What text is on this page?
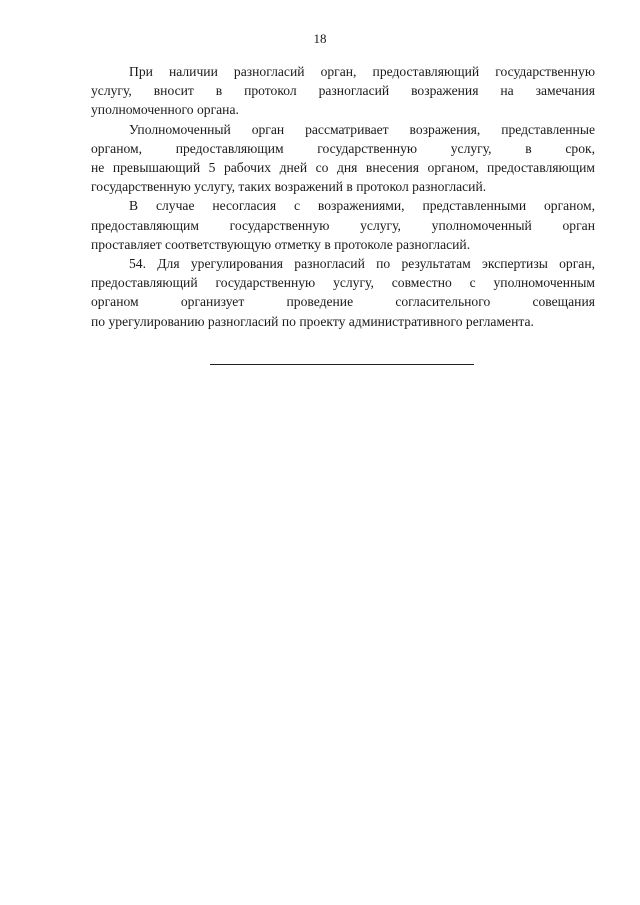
18

При наличии разногласий орган, предоставляющий государственную
услугу, вносит в протокол разногласий возражения на замечания
уполномоченного органа.

Уполномоченный орган рассматривает возражения, представленные
органом, предоставляющим государственную услугу, в срок,
не превышающий 5 рабочих дней со дня внесения органом, предоставляющим
государственную услугу, таких возражений в протокол разногласий.

В случае несогласия с возражениями, представленными органом,
предоставляющим государственную услугу, уполномоченный орган
проставляет соответствующую отметку в протоколе разногласий.

54. Для урегулирования разногласий по результатам экспертизы орган,
предоставляющий государственную услугу, совместно с уполномоченным
органом организует проведение согласительного совещания
по урегулированию разногласий по проекту административного регламента.
